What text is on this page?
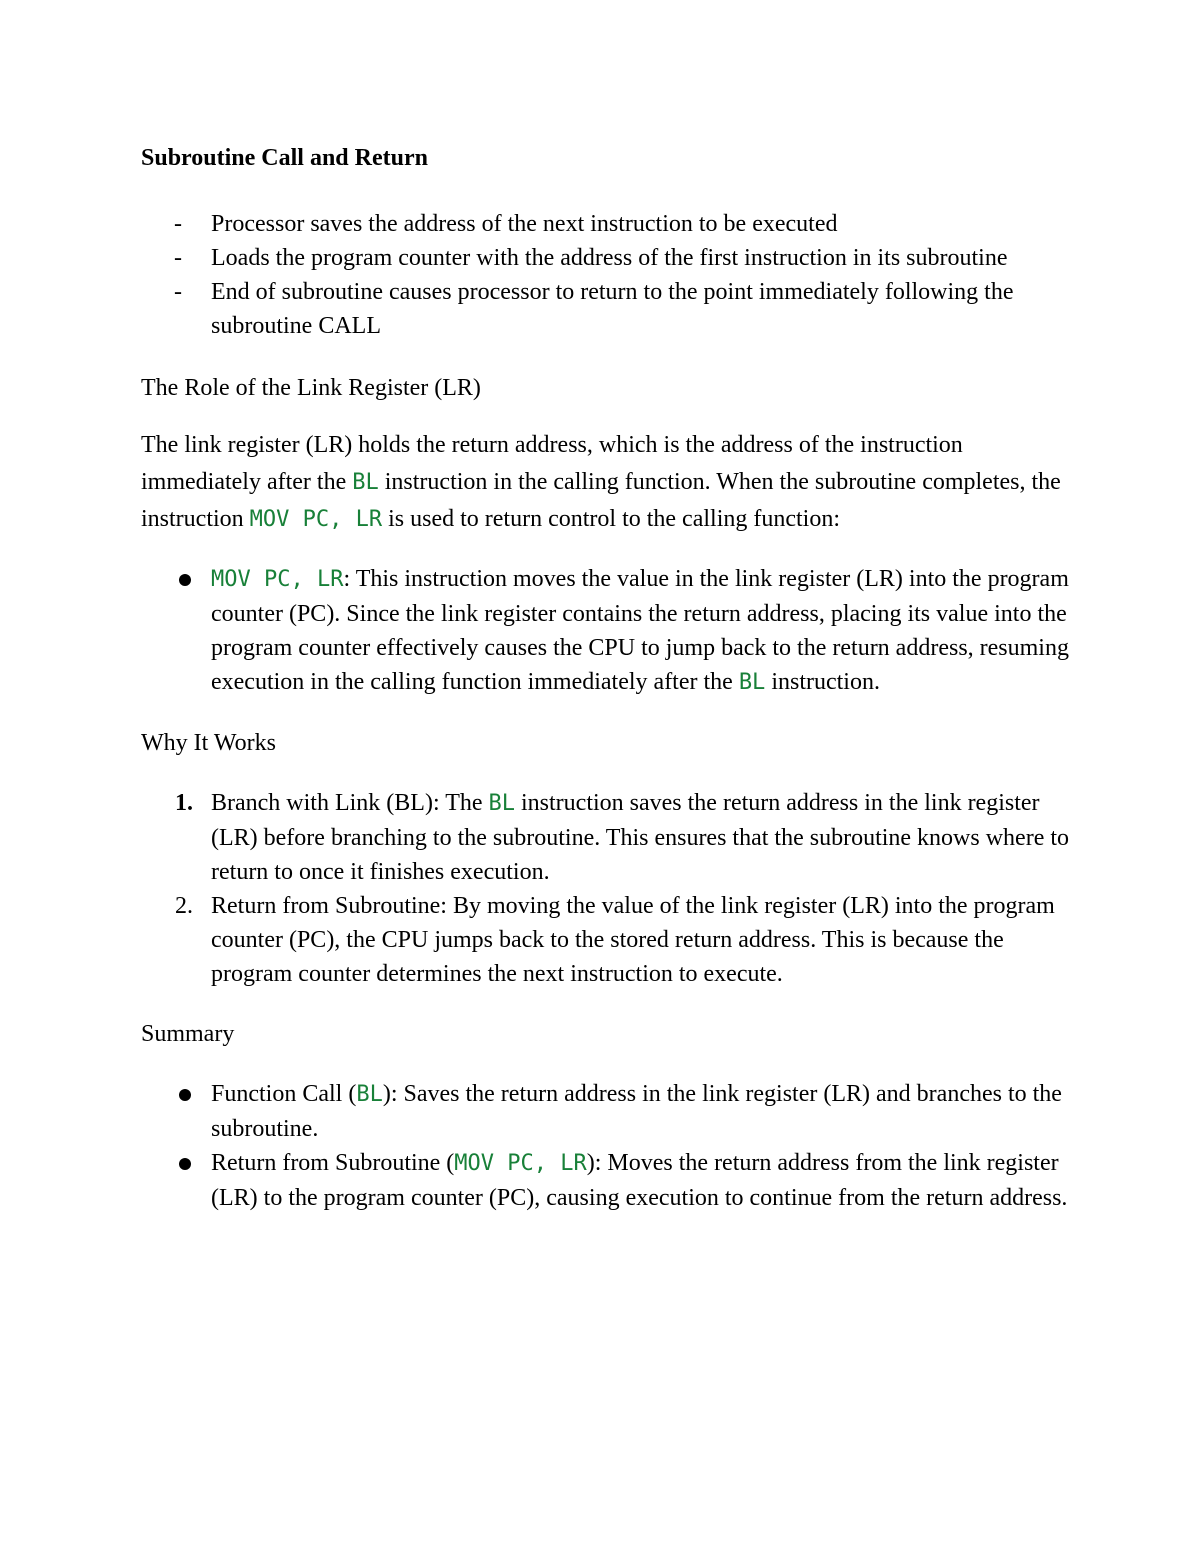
Subroutine Call and Return

- Processor saves the address of the next instruction to be executed
- Loads the program counter with the address of the first instruction in its subroutine
- End of subroutine causes processor to return to the point immediately following the subroutine CALL

The Role of the Link Register (LR)

The link register (LR) holds the return address, which is the address of the instruction immediately after the BL instruction in the calling function. When the subroutine completes, the instruction MOV PC, LR is used to return control to the calling function:

MOV PC, LR: This instruction moves the value in the link register (LR) into the program counter (PC). Since the link register contains the return address, placing its value into the program counter effectively causes the CPU to jump back to the return address, resuming execution in the calling function immediately after the BL instruction.

Why It Works

1. Branch with Link (BL): The BL instruction saves the return address in the link register (LR) before branching to the subroutine. This ensures that the subroutine knows where to return to once it finishes execution.
2. Return from Subroutine: By moving the value of the link register (LR) into the program counter (PC), the CPU jumps back to the stored return address. This is because the program counter determines the next instruction to execute.

Summary

Function Call (BL): Saves the return address in the link register (LR) and branches to the subroutine.
Return from Subroutine (MOV PC, LR): Moves the return address from the link register (LR) to the program counter (PC), causing execution to continue from the return address.
